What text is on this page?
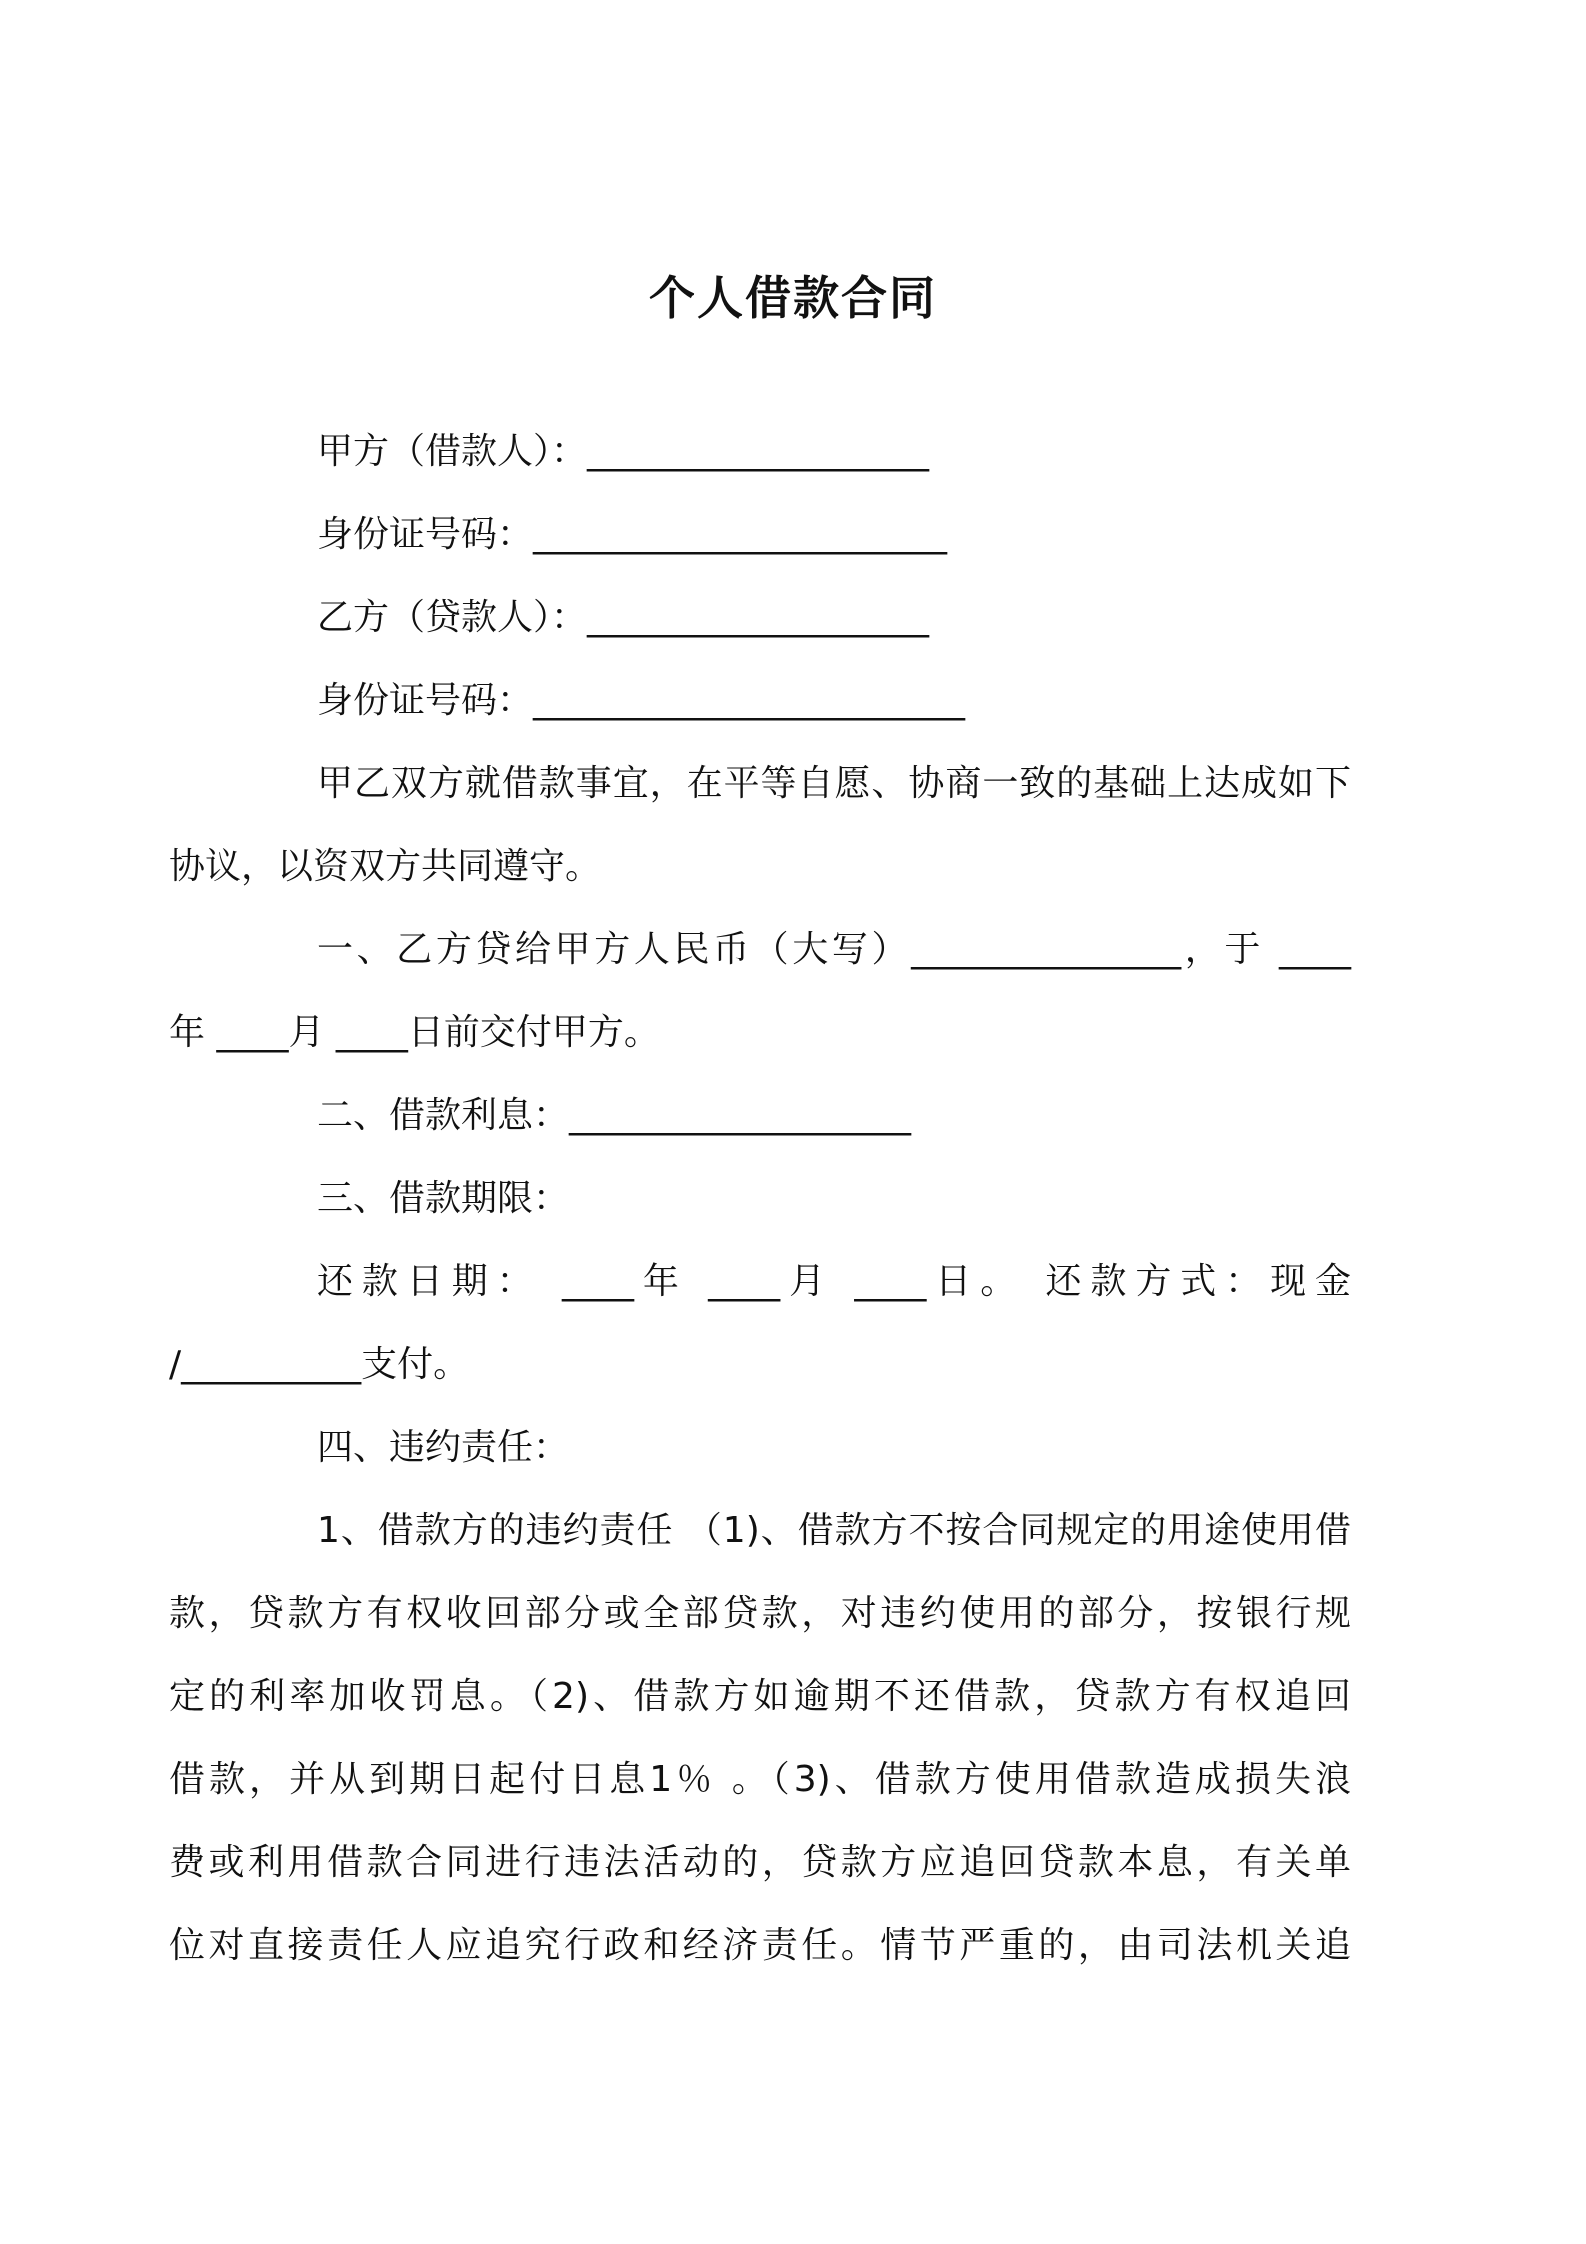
个人借款合同
甲方（借款人）：___________________
身份证号码：_______________________
乙方（贷款人）：___________________
身份证号码：________________________
甲乙双方就借款事宜，在平等自愿、协商一致的基础上达成如下
协议，以资双方共同遵守。
一、乙方贷给甲方人民币（大写）_______________，于 ____
年 ____月 ____日前交付甲方。
二、借款利息：___________________
三、借款期限：
还款日期： ____年 ____月 ____日。 还款方式：现金
/__________支付。
四、违约责任：
1、借款方的违约责任 （1)、借款方不按合同规定的用途使用借
款，贷款方有权收回部分或全部贷款，对违约使用的部分，按银行规
定的利率加收罚息。（2)、借款方如逾期不还借款，贷款方有权追回
借款，并从到期日起付日息1％ 。（3)、借款方使用借款造成损失浪
费或利用借款合同进行违法活动的，贷款方应追回贷款本息，有关单
位对直接责任人应追究行政和经济责任。情节严重的，由司法机关追
